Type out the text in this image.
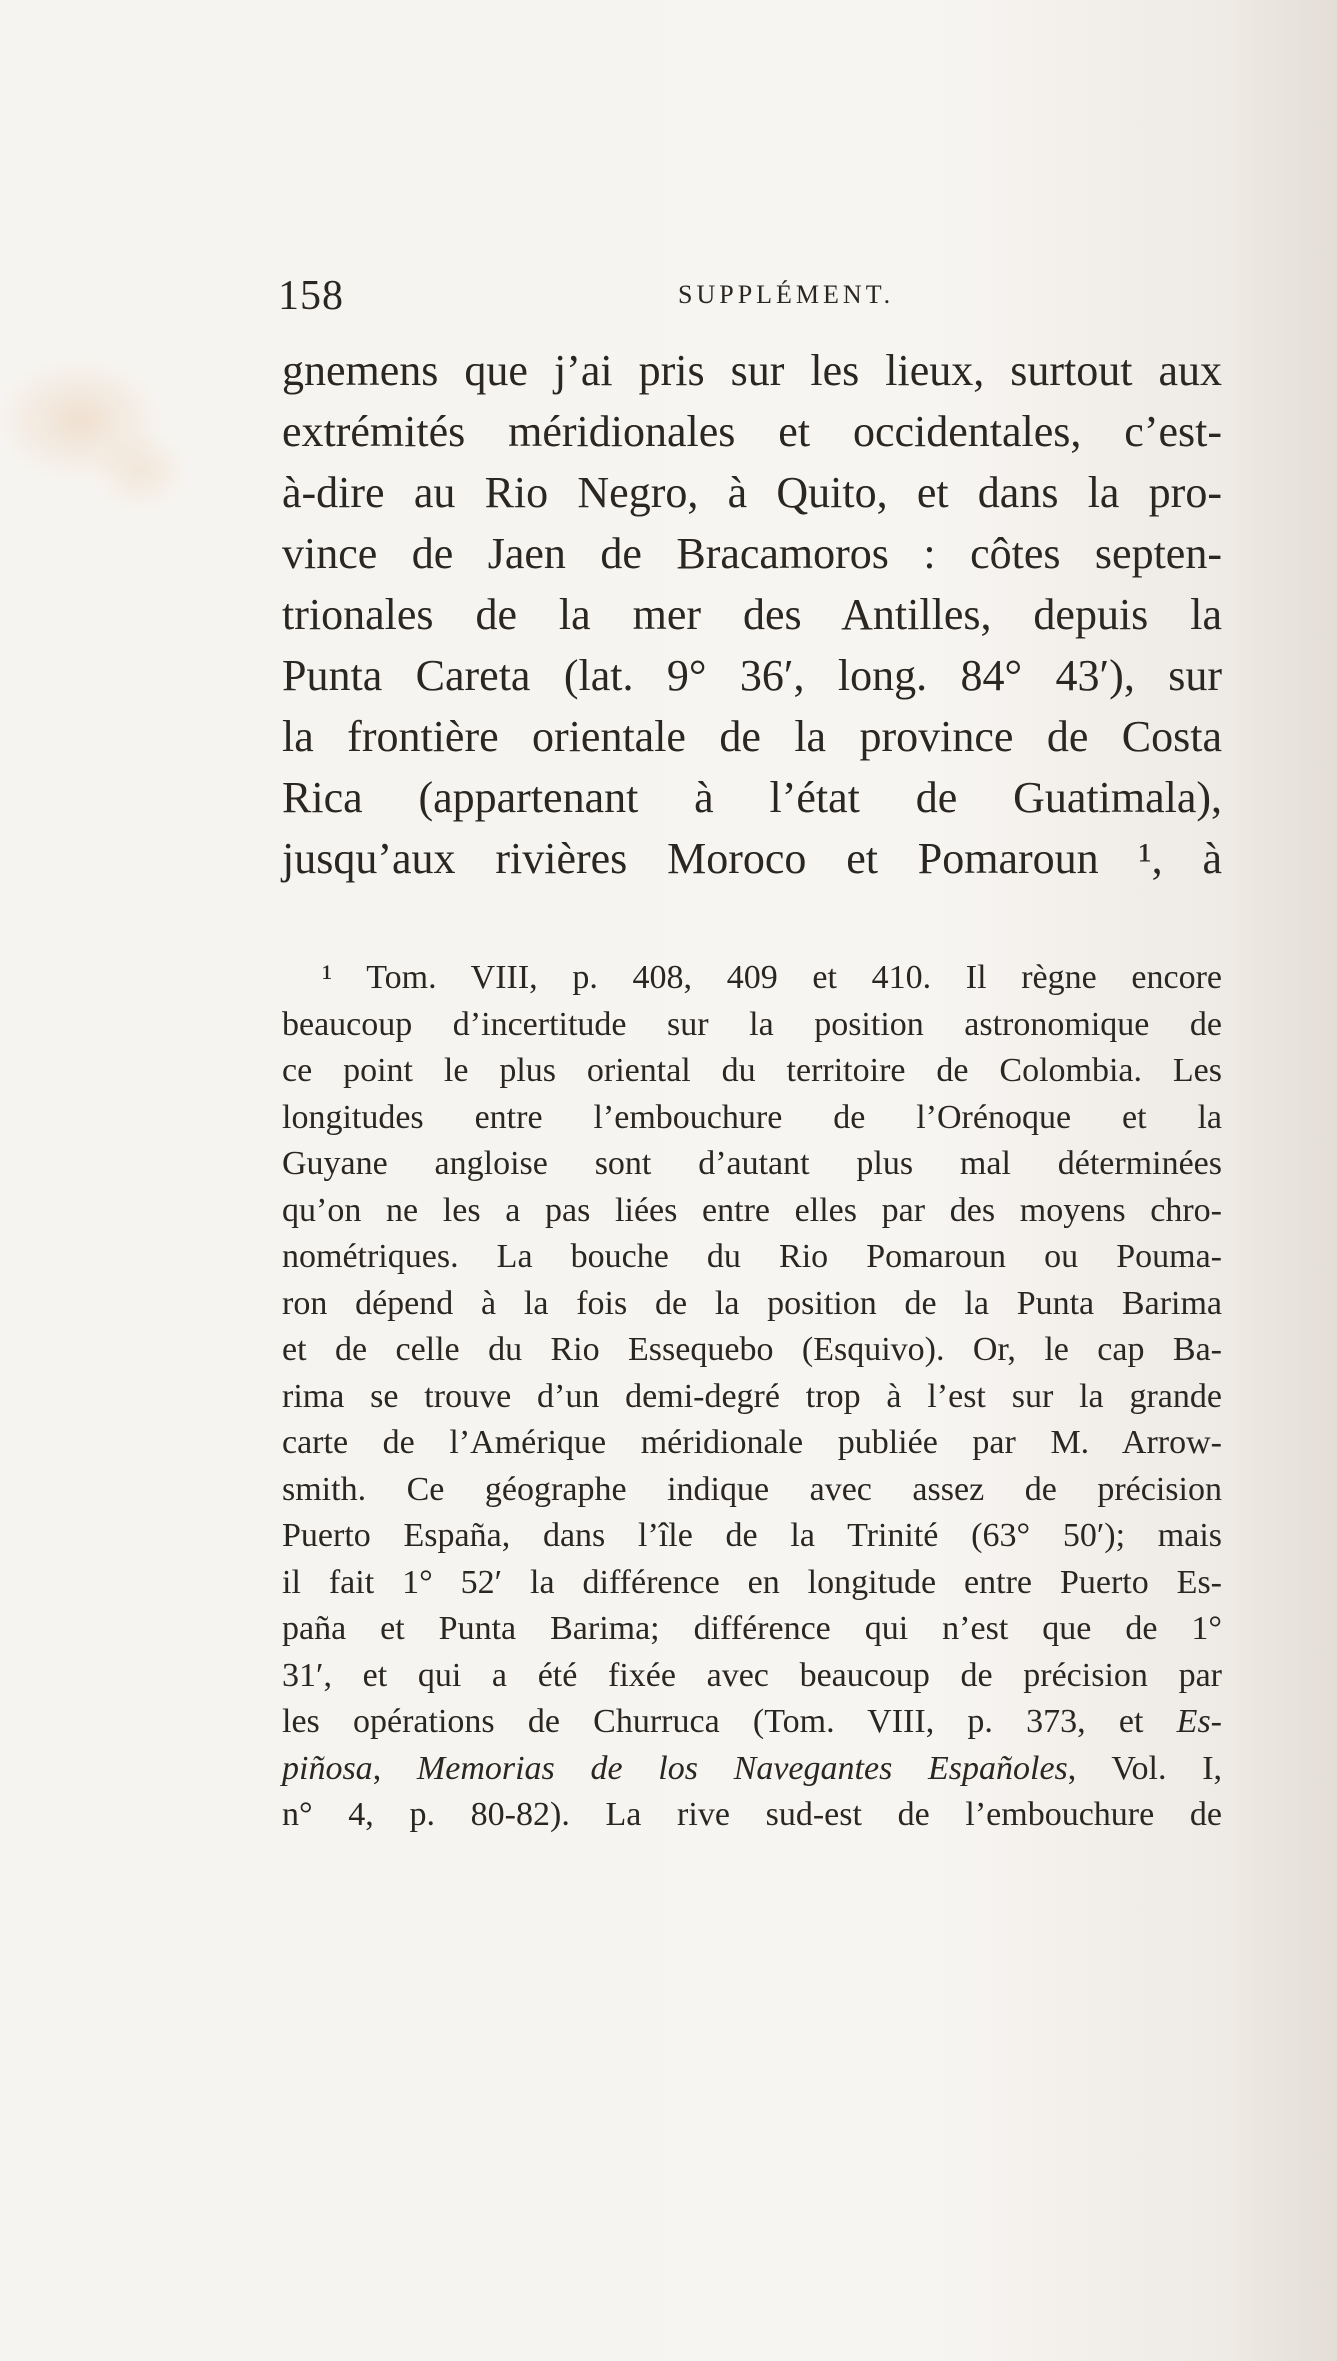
158	SUPPLÉMENT.
gnemens que j’ai pris sur les lieux, surtout aux
extrémités méridionales et occidentales, c’est-
à-dire au Rio Negro, à Quito, et dans la pro-
vince de Jaen de Bracamoros : côtes septen-
trionales de la mer des Antilles, depuis la
Punta Careta (lat. 9° 36′, long. 84° 43′), sur
la frontière orientale de la province de Costa
Rica (appartenant à l’état de Guatimala),
jusqu’aux rivières Moroco et Pomaroun ¹, à
¹ Tom. VIII, p. 408, 409 et 410. Il règne encore
beaucoup d’incertitude sur la position astronomique de
ce point le plus oriental du territoire de Colombia. Les
longitudes entre l’embouchure de l’Orénoque et la
Guyane angloise sont d’autant plus mal déterminées
qu’on ne les a pas liées entre elles par des moyens chro-
nométriques. La bouche du Rio Pomaroun ou Pouma-
ron dépend à la fois de la position de la Punta Barima
et de celle du Rio Essequebo (Esquivo). Or, le cap Ba-
rima se trouve d’un demi-degré trop à l’est sur la grande
carte de l’Amérique méridionale publiée par M. Arrow-
smith. Ce géographe indique avec assez de précision
Puerto España, dans l’île de la Trinité (63° 50′); mais
il fait 1° 52′ la différence en longitude entre Puerto Es-
paña et Punta Barima; différence qui n’est que de 1°
31′, et qui a été fixée avec beaucoup de précision par
les opérations de Churruca (Tom. VIII, p. 373, et Es-
piñosa, Memorias de los Navegantes Españoles, Vol. I,
n° 4, p. 80-82). La rive sud-est de l’embouchure de
